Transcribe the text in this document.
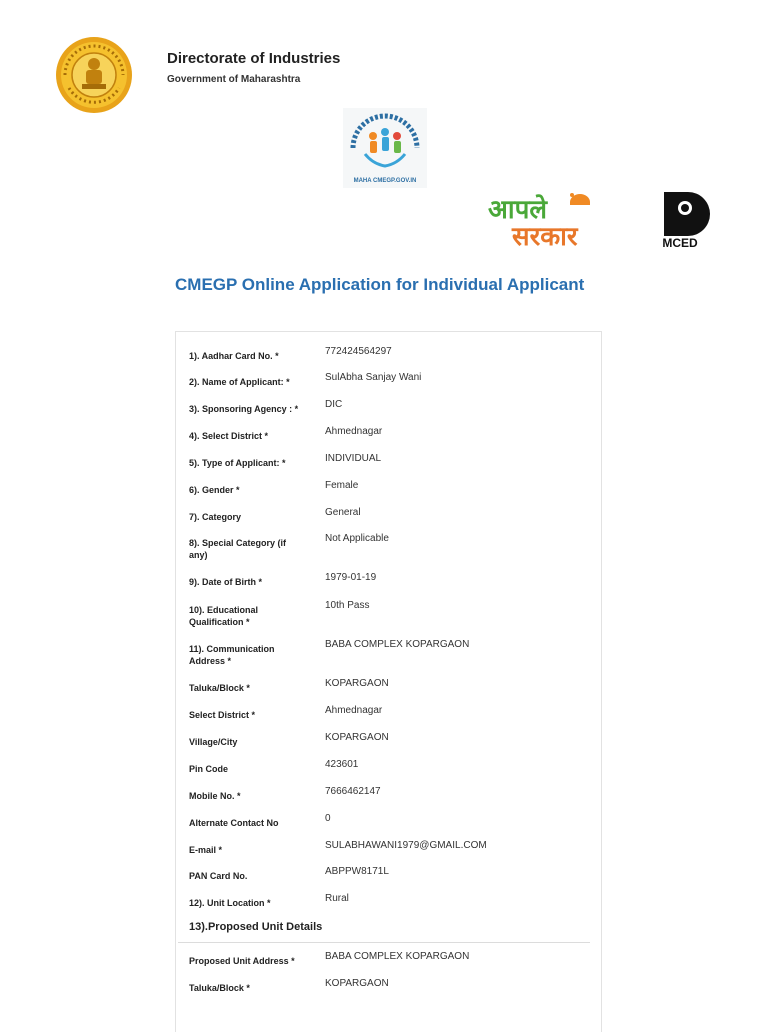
Directorate of Industries
Government of Maharashtra
MAHA CMEGP.GOV.IN
आपले
सरकार	MCED
CMEGP Online Application for Individual Applicant
1). Aadhar Card No. *	772424564297
2). Name of Applicant: *	SulAbha Sanjay Wani
3). Sponsoring Agency : *	DIC
4). Select District *	Ahmednagar
5). Type of Applicant: *	INDIVIDUAL
6). Gender *	Female
7). Category	General
8). Special Category (if any)
Not Applicable
9). Date of Birth *	1979-01-19
10). Educational Qualification *
10th Pass
11). Communication Address *
BABA COMPLEX KOPARGAON
Taluka/Block *	KOPARGAON
Select District *	Ahmednagar
Village/City	KOPARGAON
Pin Code	423601
Mobile No. *	7666462147
Alternate Contact No	0
E-mail *	SULABHAWANI1979@GMAIL.COM
PAN Card No.	ABPPW8171L
12). Unit Location *	Rural
13).Proposed Unit Details
Proposed Unit Address *	BABA COMPLEX KOPARGAON
Taluka/Block *	KOPARGAON
